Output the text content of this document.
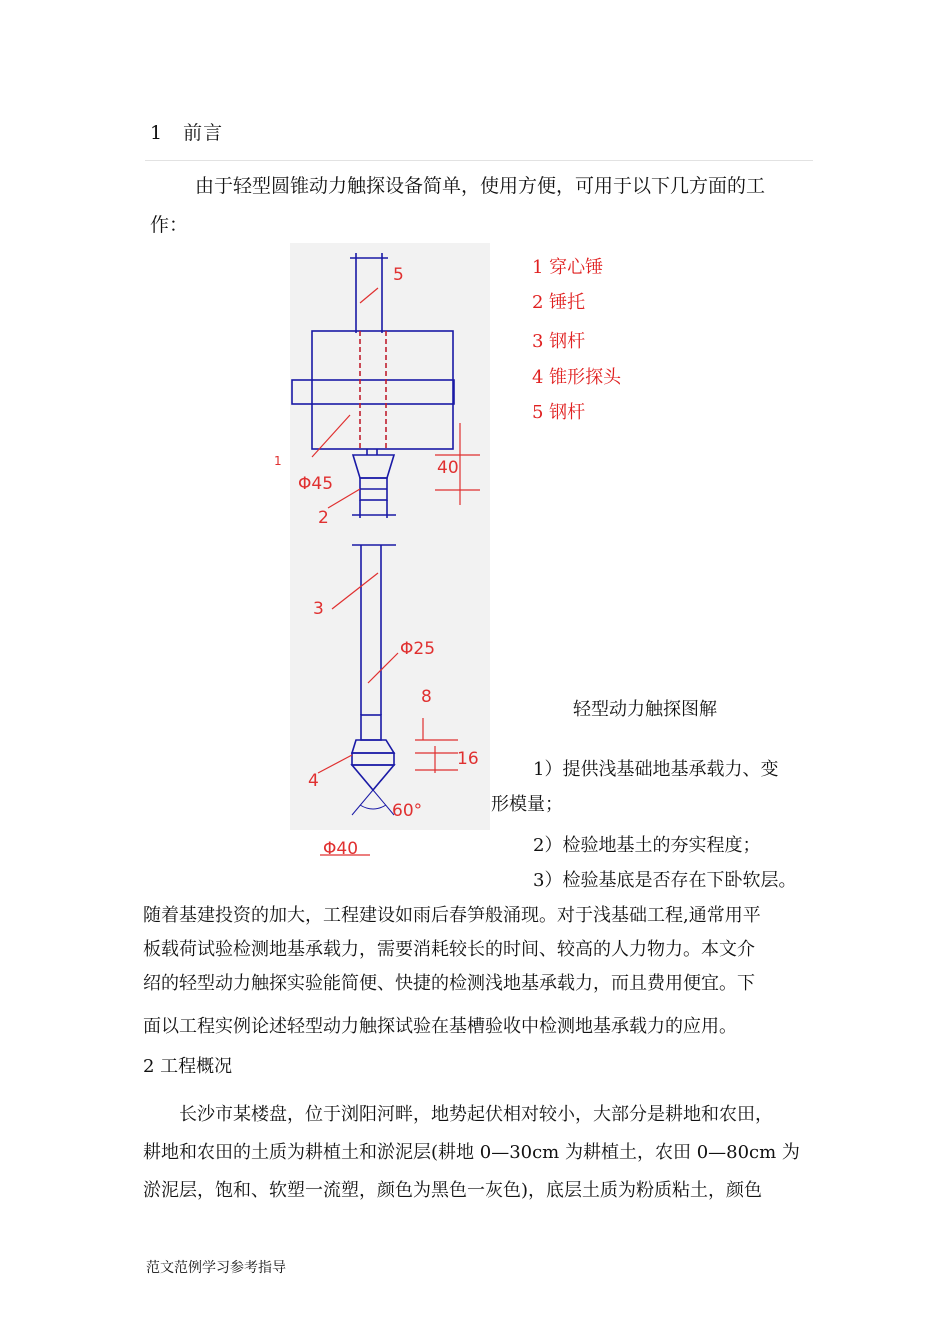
1　前言
由于轻型圆锥动力触探设备简单，使用方便，可用于以下几方面的工
作：
5
1
Φ45
40
2
3
Φ25
8
16
4
60°
Φ40
1 穿心锤
2 锤托
3 钢杆
4 锥形探头
5 钢杆
轻型动力触探图解
1）提供浅基础地基承载力、变
形模量；
2）检验地基土的夯实程度；
3）检验基底是否存在下卧软层。
随着基建投资的加大，工程建设如雨后春笋般涌现。对于浅基础工程,通常用平
板载荷试验检测地基承载力，需要消耗较长的时间、较高的人力物力。本文介
绍的轻型动力触探实验能简便、快捷的检测浅地基承载力，而且费用便宜。下
面以工程实例论述轻型动力触探试验在基槽验收中检测地基承载力的应用。
2 工程概况
　　长沙市某楼盘，位于浏阳河畔，地势起伏相对较小，大部分是耕地和农田，
耕地和农田的土质为耕植土和淤泥层(耕地 0—30cm 为耕植土，农田 0—80cm 为
淤泥层，饱和、软塑一流塑，颜色为黑色一灰色)，底层土质为粉质粘土，颜色
范文范例学习参考指导
